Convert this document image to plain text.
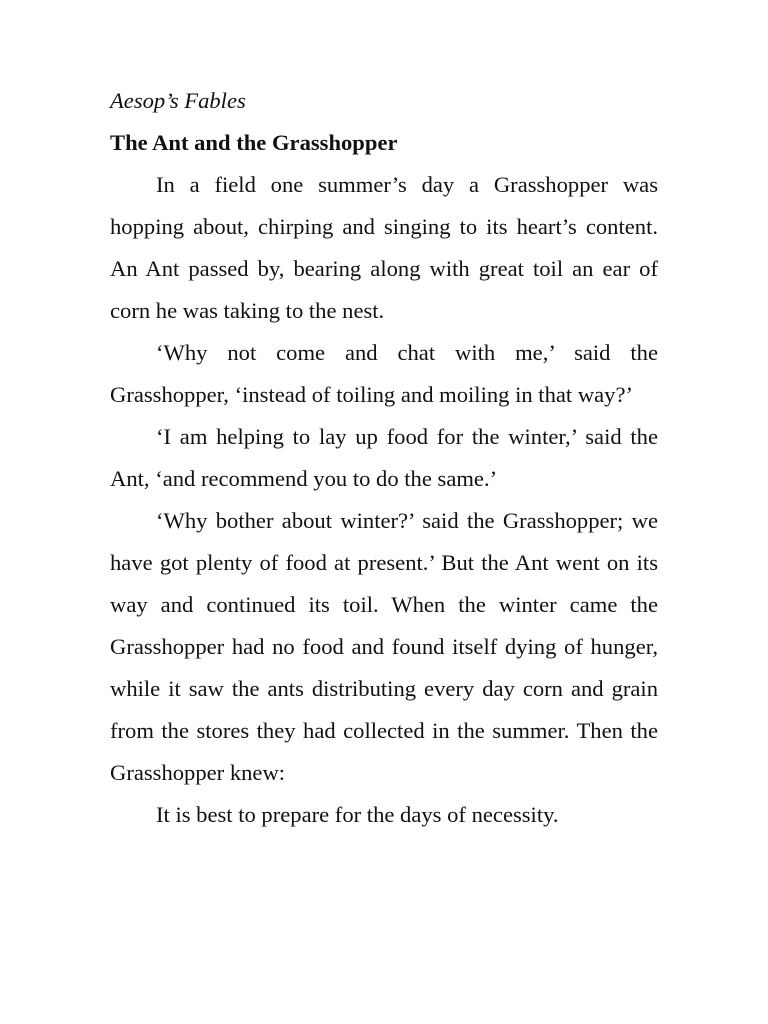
Aesop’s Fables
The Ant and the Grasshopper

In a field one summer’s day a Grasshopper was hopping about, chirping and singing to its heart’s content. An Ant passed by, bearing along with great toil an ear of corn he was taking to the nest.

‘Why not come and chat with me,’ said the Grasshopper, ‘instead of toiling and moiling in that way?’

‘I am helping to lay up food for the winter,’ said the Ant, ‘and recommend you to do the same.’

‘Why bother about winter?’ said the Grasshopper; we have got plenty of food at present.’ But the Ant went on its way and continued its toil. When the winter came the Grasshopper had no food and found itself dying of hunger, while it saw the ants distributing every day corn and grain from the stores they had collected in the summer. Then the Grasshopper knew:

It is best to prepare for the days of necessity.
